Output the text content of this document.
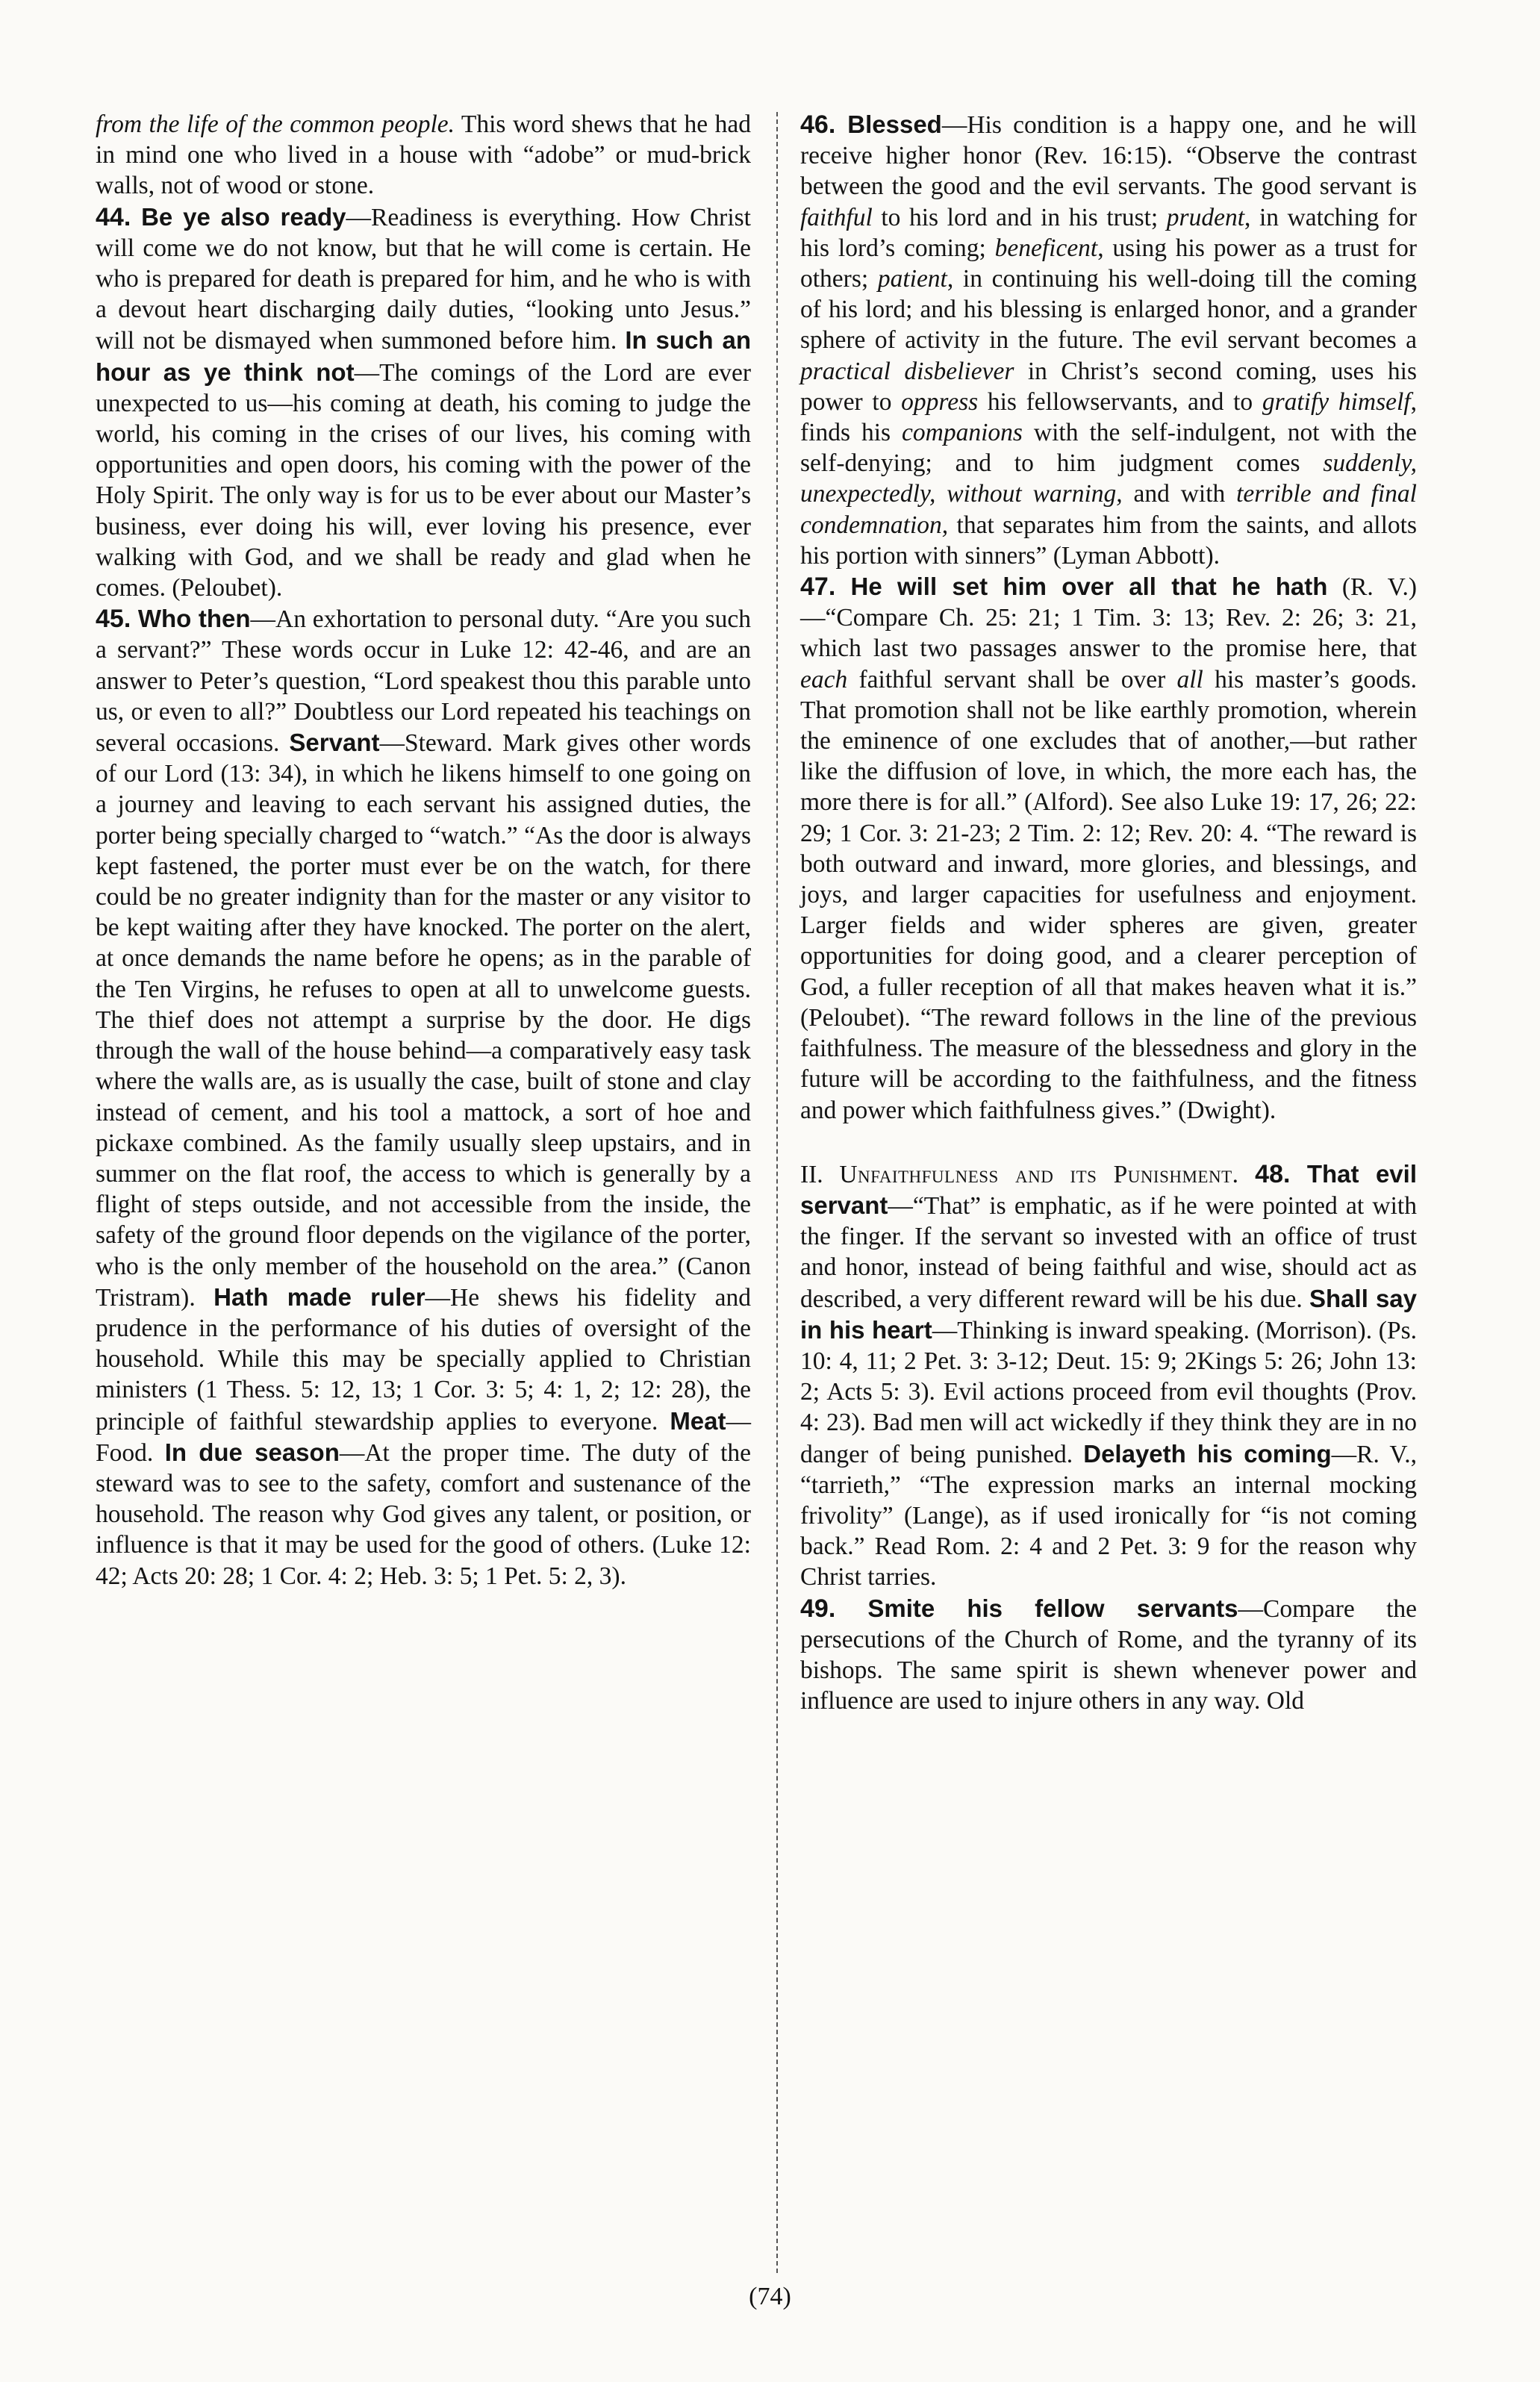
from the life of the common people. This word shews that he had in mind one who lived in a house with “adobe” or mud-brick walls, not of wood or stone.

44. Be ye also ready—Readiness is everything. How Christ will come we do not know, but that he will come is certain. He who is prepared for death is prepared for him, and he who is with a devout heart discharging daily duties, “looking unto Jesus.” will not be dismayed when summoned before him. In such an hour as ye think not—The comings of the Lord are ever unexpected to us—his coming at death, his coming to judge the world, his coming in the crises of our lives, his coming with opportunities and open doors, his coming with the power of the Holy Spirit. The only way is for us to be ever about our Master’s business, ever doing his will, ever loving his presence, ever walking with God, and we shall be ready and glad when he comes. (Peloubet).

45. Who then—An exhortation to personal duty. “Are you such a servant?” These words occur in Luke 12: 42-46, and are an answer to Peter’s question, “Lord speakest thou this parable unto us, or even to all?” Doubtless our Lord repeated his teachings on several occasions. Servant—Steward. Mark gives other words of our Lord (13: 34), in which he likens himself to one going on a journey and leaving to each servant his assigned duties, the porter being specially charged to “watch.” “As the door is always kept fastened, the porter must ever be on the watch, for there could be no greater indignity than for the master or any visitor to be kept waiting after they have knocked. The porter on the alert, at once demands the name before he opens; as in the parable of the Ten Virgins, he refuses to open at all to unwelcome guests. The thief does not attempt a surprise by the door. He digs through the wall of the house behind—a comparatively easy task where the walls are, as is usually the case, built of stone and clay instead of cement, and his tool a mattock, a sort of hoe and pickaxe combined. As the family usually sleep upstairs, and in summer on the flat roof, the access to which is generally by a flight of steps outside, and not accessible from the inside, the safety of the ground floor depends on the vigilance of the porter, who is the only member of the household on the area.” (Canon Tristram). Hath made ruler—He shews his fidelity and prudence in the performance of his duties of oversight of the household. While this may be specially applied to Christian ministers (1 Thess. 5: 12, 13; 1 Cor. 3: 5; 4: 1, 2; 12: 28), the principle of faithful stewardship applies to everyone. Meat—Food. In due season—At the proper time. The duty of the steward was to see to the safety, comfort and sustenance of the household. The reason why God gives any talent, or position, or influence is that it may be used for the good of others. (Luke 12: 42; Acts 20: 28; 1 Cor. 4: 2; Heb. 3: 5; 1 Pet. 5: 2, 3).

46. Blessed—His condition is a happy one, and he will receive higher honor (Rev. 16:15). “Observe the contrast between the good and the evil servants. The good servant is faithful to his lord and in his trust; prudent, in watching for his lord’s coming; beneficent, using his power as a trust for others; patient, in continuing his well-doing till the coming of his lord; and his blessing is enlarged honor, and a grander sphere of activity in the future. The evil servant becomes a practical disbeliever in Christ’s second coming, uses his power to oppress his fellowservants, and to gratify himself, finds his companions with the self-indulgent, not with the self-denying; and to him judgment comes suddenly, unexpectedly, without warning, and with terrible and final condemnation, that separates him from the saints, and allots his portion with sinners” (Lyman Abbott).

47. He will set him over all that he hath (R. V.)—“Compare Ch. 25: 21; 1 Tim. 3: 13; Rev. 2: 26; 3: 21, which last two passages answer to the promise here, that each faithful servant shall be over all his master’s goods. That promotion shall not be like earthly promotion, wherein the eminence of one excludes that of another,—but rather like the diffusion of love, in which, the more each has, the more there is for all.” (Alford). See also Luke 19: 17, 26; 22: 29; 1 Cor. 3: 21-23; 2 Tim. 2: 12; Rev. 20: 4. “The reward is both outward and inward, more glories, and blessings, and joys, and larger capacities for usefulness and enjoyment. Larger fields and wider spheres are given, greater opportunities for doing good, and a clearer perception of God, a fuller reception of all that makes heaven what it is.” (Peloubet). “The reward follows in the line of the previous faithfulness. The measure of the blessedness and glory in the future will be according to the faithfulness, and the fitness and power which faithfulness gives.” (Dwight).

II. Unfaithfulness and its Punishment. 48. That evil servant—“That” is emphatic, as if he were pointed at with the finger. If the servant so invested with an office of trust and honor, instead of being faithful and wise, should act as described, a very different reward will be his due. Shall say in his heart—Thinking is inward speaking. (Morrison). (Ps. 10: 4, 11; 2 Pet. 3: 3-12; Deut. 15: 9; 2Kings 5: 26; John 13: 2; Acts 5: 3). Evil actions proceed from evil thoughts (Prov. 4: 23). Bad men will act wickedly if they think they are in no danger of being punished. Delayeth his coming—R. V., “tarrieth,” “The expression marks an internal mocking frivolity” (Lange), as if used ironically for “is not coming back.” Read Rom. 2: 4 and 2 Pet. 3: 9 for the reason why Christ tarries.

49. Smite his fellow servants—Compare the persecutions of the Church of Rome, and the tyranny of its bishops. The same spirit is shewn whenever power and influence are used to injure others in any way. Old

(74)
